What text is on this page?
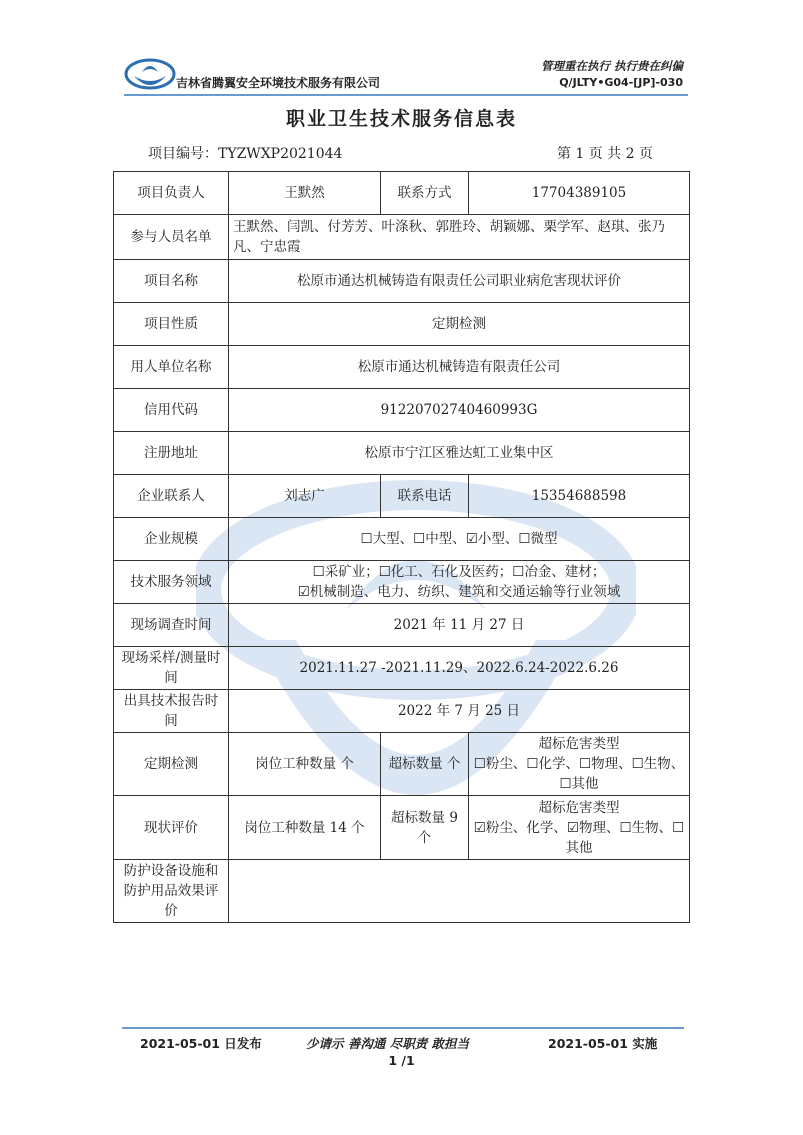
吉林省腾翼安全环境技术服务有限公司
管理重在执行 执行贵在纠偏
Q/JLTY•G04-[JP]-030
职业卫生技术服务信息表
项目编号：TYZWXP2021044	第 1 页 共 2 页
项目负责人	王默然	联系方式	17704389105
参与人员名单	王默然、闫凯、付芳芳、叶涤秋、郭胜玲、胡颖娜、栗学军、赵琪、张乃凡、宁忠霞		
项目名称	松原市通达机械铸造有限责任公司职业病危害现状评价		
项目性质	定期检测		
用人单位名称	松原市通达机械铸造有限责任公司		
信用代码	91220702740460993G		
注册地址	松原市宁江区雅达虹工业集中区		
企业联系人	刘志广	联系电话	15354688598
企业规模	☐大型、☐中型、☑小型、☐微型		
技术服务领域	☐采矿业；☐化工、石化及医药；☐冶金、建材；
☑机械制造、电力、纺织、建筑和交通运输等行业领域		

现场调查时间	2021 年 11 月 27 日		
现场采样/测量时间	2021.11.27 -2021.11.29、2022.6.24-2022.6.26		
出具技术报告时间	2022 年 7 月 25 日		
定期检测	岗位工种数量 个	超标数量 个	超标危害类型
☐粉尘、☐化学、☐物理、☐生物、☐其他

现状评价	岗位工种数量 14 个	超标数量 9 个	超标危害类型
☑粉尘、化学、☑物理、☐生物、☐其他

防护设备设施和防护用品效果评价			
2021-05-01 日发布	少请示 善沟通 尽职责 敢担当	2021-05-01 实施
1 /1
